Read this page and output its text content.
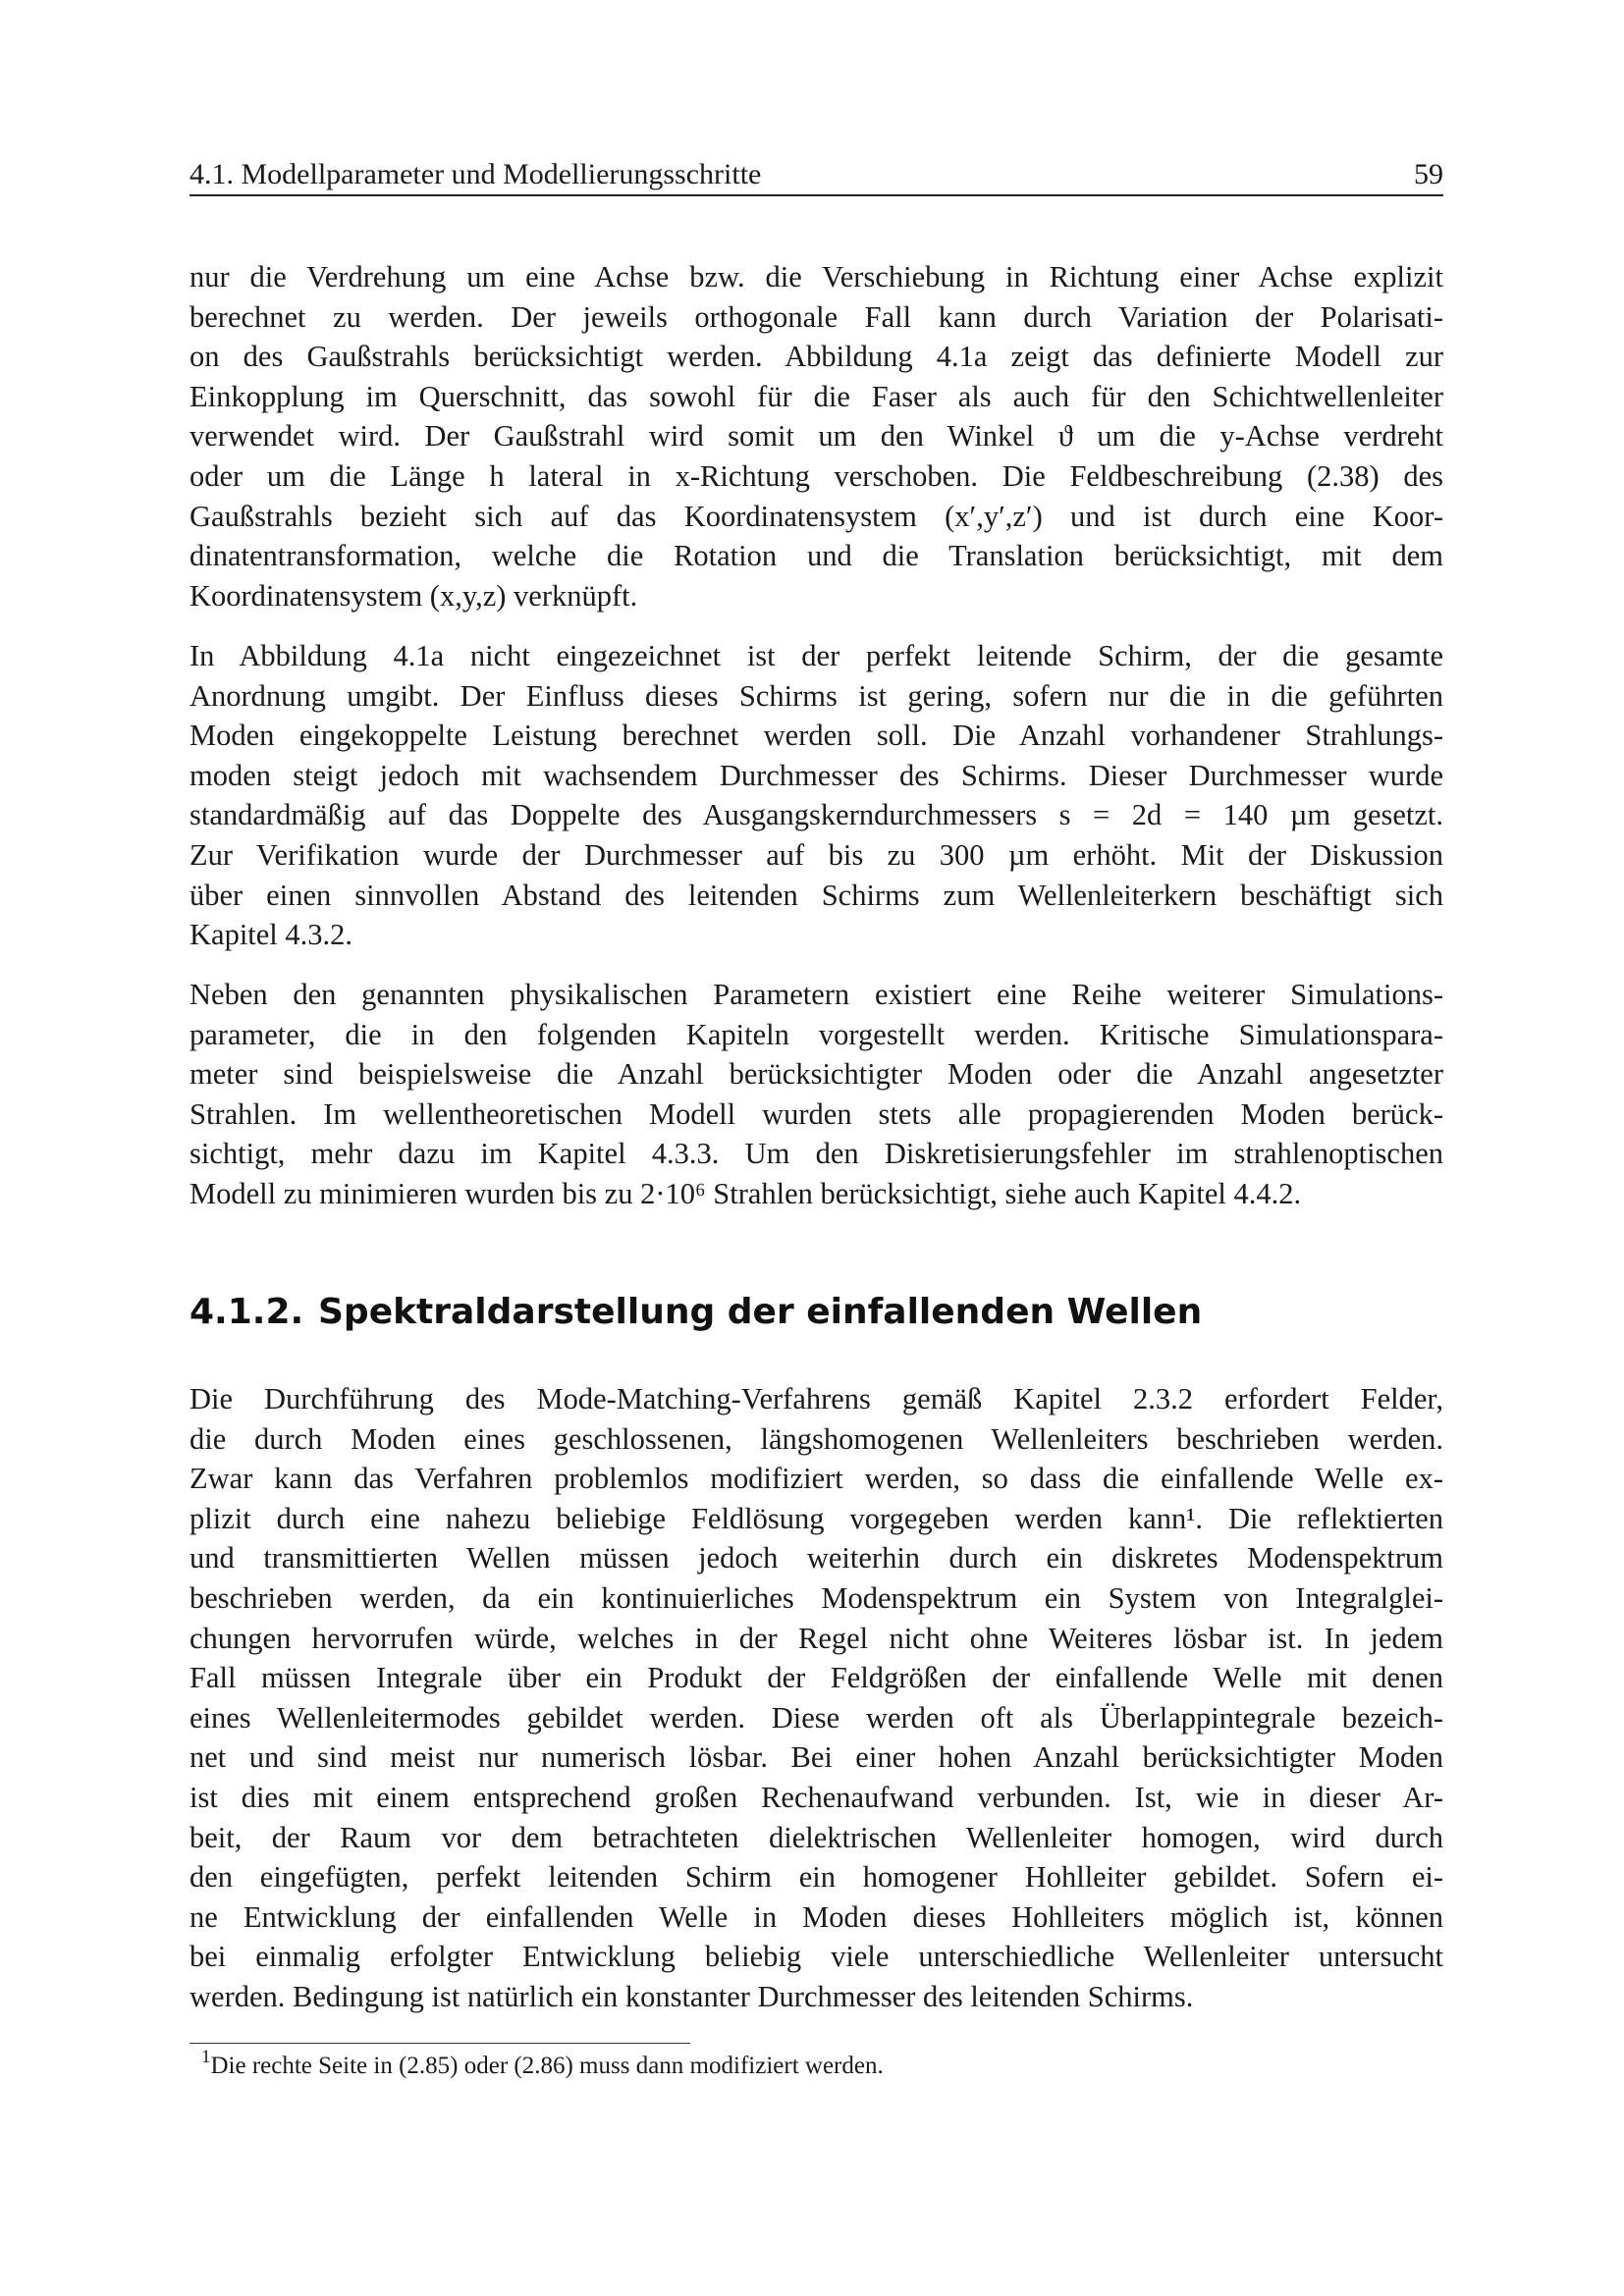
4.1. Modellparameter und Modellierungsschritte	59

nur die Verdrehung um eine Achse bzw. die Verschiebung in Richtung einer Achse explizit
berechnet zu werden. Der jeweils orthogonale Fall kann durch Variation der Polarisati-
on des Gaußstrahls berücksichtigt werden. Abbildung 4.1a zeigt das definierte Modell zur
Einkopplung im Querschnitt, das sowohl für die Faser als auch für den Schichtwellenleiter
verwendet wird. Der Gaußstrahl wird somit um den Winkel ϑ um die y-Achse verdreht
oder um die Länge h lateral in x-Richtung verschoben. Die Feldbeschreibung (2.38) des
Gaußstrahls bezieht sich auf das Koordinatensystem (x′,y′,z′) und ist durch eine Koor-
dinatentransformation, welche die Rotation und die Translation berücksichtigt, mit dem
Koordinatensystem (x,y,z) verknüpft.

In Abbildung 4.1a nicht eingezeichnet ist der perfekt leitende Schirm, der die gesamte
Anordnung umgibt. Der Einfluss dieses Schirms ist gering, sofern nur die in die geführten
Moden eingekoppelte Leistung berechnet werden soll. Die Anzahl vorhandener Strahlungs-
moden steigt jedoch mit wachsendem Durchmesser des Schirms. Dieser Durchmesser wurde
standardmäßig auf das Doppelte des Ausgangskerndurchmessers s = 2d = 140 µm gesetzt.
Zur Verifikation wurde der Durchmesser auf bis zu 300 µm erhöht. Mit der Diskussion
über einen sinnvollen Abstand des leitenden Schirms zum Wellenleiterkern beschäftigt sich
Kapitel 4.3.2.

Neben den genannten physikalischen Parametern existiert eine Reihe weiterer Simulations-
parameter, die in den folgenden Kapiteln vorgestellt werden. Kritische Simulationspara-
meter sind beispielsweise die Anzahl berücksichtigter Moden oder die Anzahl angesetzter
Strahlen. Im wellentheoretischen Modell wurden stets alle propagierenden Moden berück-
sichtigt, mehr dazu im Kapitel 4.3.3. Um den Diskretisierungsfehler im strahlenoptischen
Modell zu minimieren wurden bis zu 2·10⁶ Strahlen berücksichtigt, siehe auch Kapitel 4.4.2.

4.1.2. Spektraldarstellung der einfallenden Wellen

Die Durchführung des Mode-Matching-Verfahrens gemäß Kapitel 2.3.2 erfordert Felder,
die durch Moden eines geschlossenen, längshomogenen Wellenleiters beschrieben werden.
Zwar kann das Verfahren problemlos modifiziert werden, so dass die einfallende Welle ex-
plizit durch eine nahezu beliebige Feldlösung vorgegeben werden kann¹. Die reflektierten
und transmittierten Wellen müssen jedoch weiterhin durch ein diskretes Modenspektrum
beschrieben werden, da ein kontinuierliches Modenspektrum ein System von Integralglei-
chungen hervorrufen würde, welches in der Regel nicht ohne Weiteres lösbar ist. In jedem
Fall müssen Integrale über ein Produkt der Feldgrößen der einfallende Welle mit denen
eines Wellenleitermodes gebildet werden. Diese werden oft als Überlappintegrale bezeich-
net und sind meist nur numerisch lösbar. Bei einer hohen Anzahl berücksichtigter Moden
ist dies mit einem entsprechend großen Rechenaufwand verbunden. Ist, wie in dieser Ar-
beit, der Raum vor dem betrachteten dielektrischen Wellenleiter homogen, wird durch
den eingefügten, perfekt leitenden Schirm ein homogener Hohlleiter gebildet. Sofern ei-
ne Entwicklung der einfallenden Welle in Moden dieses Hohlleiters möglich ist, können
bei einmalig erfolgter Entwicklung beliebig viele unterschiedliche Wellenleiter untersucht
werden. Bedingung ist natürlich ein konstanter Durchmesser des leitenden Schirms.

$^1$Die rechte Seite in (2.85) oder (2.86) muss dann modifiziert werden.
